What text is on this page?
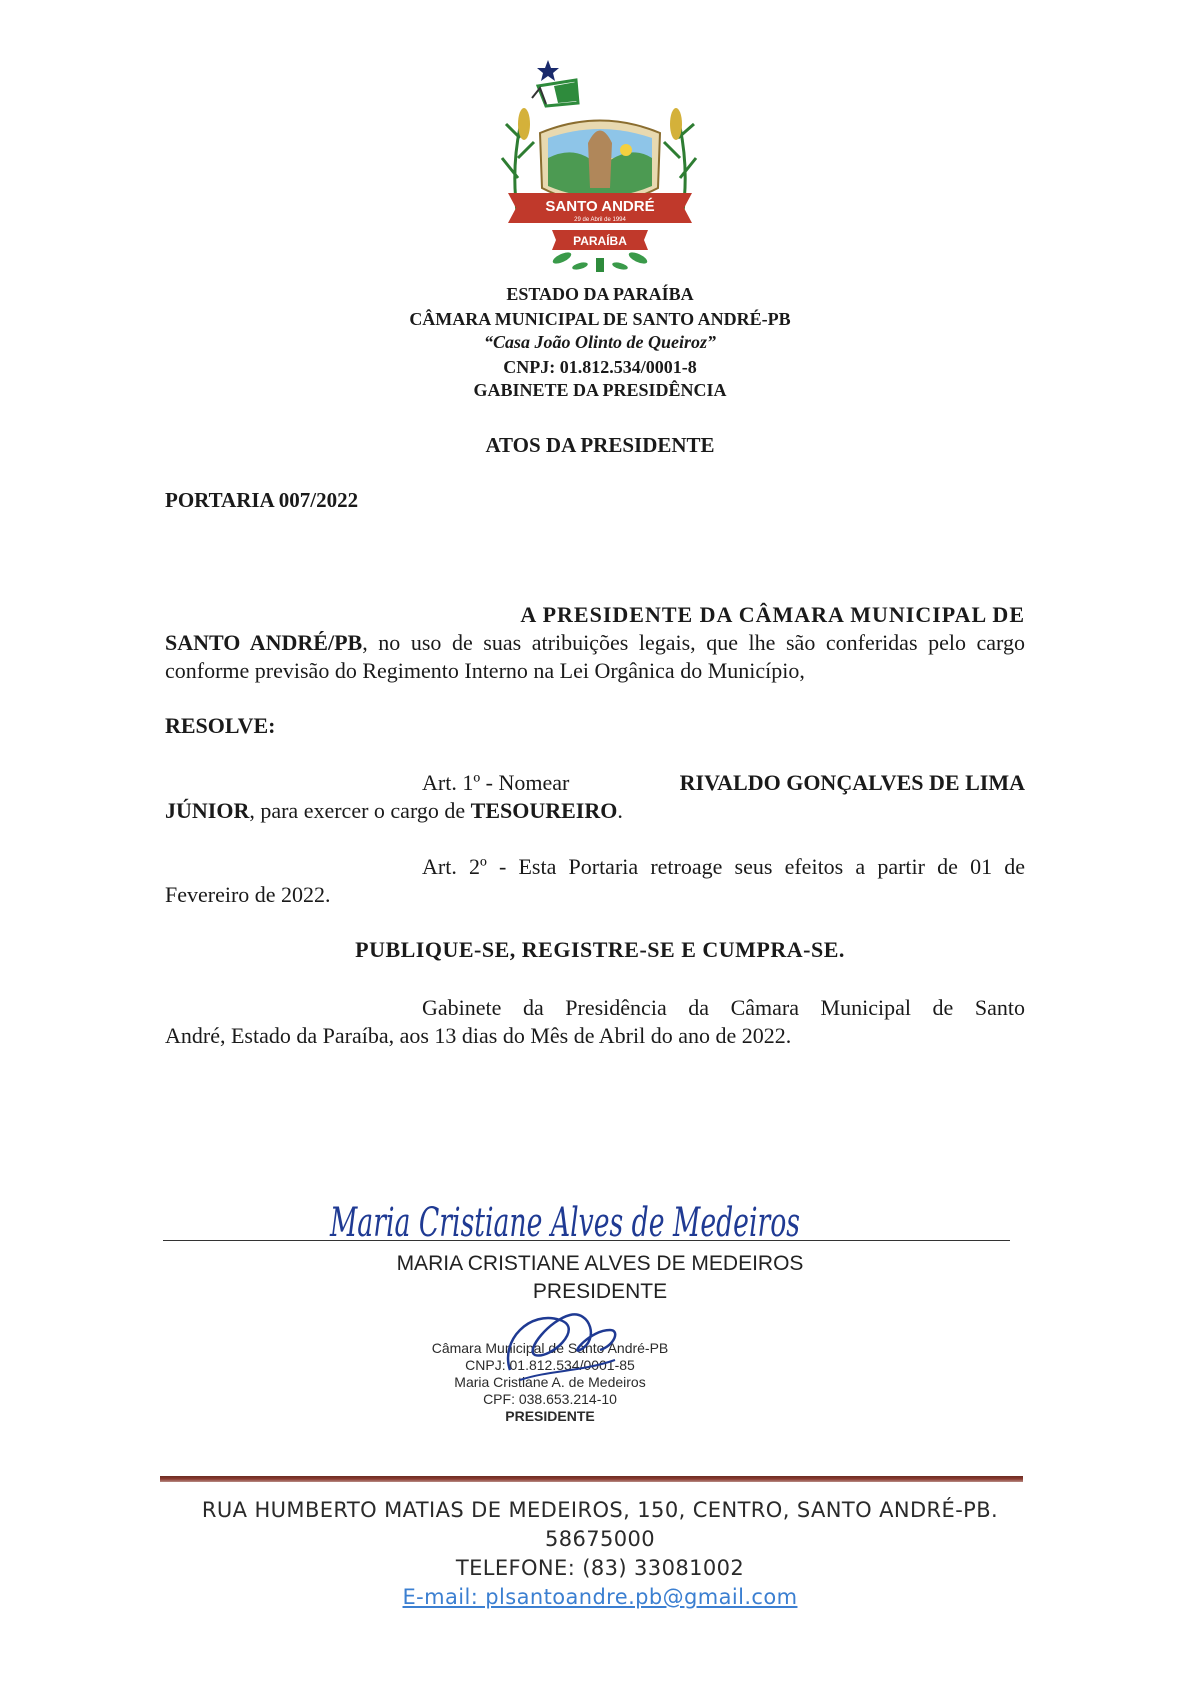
SANTO ANDRÉ
29 de Abril de 1994
PARAÍBA
ESTADO DA PARAÍBA
CÂMARA MUNICIPAL DE SANTO ANDRÉ-PB
“Casa João Olinto de Queiroz”
CNPJ: 01.812.534/0001-8
GABINETE DA PRESIDÊNCIA
ATOS DA PRESIDENTE
PORTARIA 007/2022
A PRESIDENTE DA CÂMARA MUNICIPAL DE
SANTO ANDRÉ/PB, no uso de suas atribuições legais, que lhe são conferidas pelo cargo conforme previsão do Regimento Interno na Lei Orgânica do Município,
RESOLVE:
Art. 1º - Nomear	RIVALDO GONÇALVES DE LIMA
JÚNIOR, para exercer o cargo de TESOUREIRO.
Art. 2º - Esta Portaria retroage seus efeitos a partir de 01 de
Fevereiro de 2022.
PUBLIQUE-SE, REGISTRE-SE E CUMPRA-SE.
Gabinete da Presidência da Câmara Municipal de Santo
André, Estado da Paraíba, aos 13 dias do Mês de Abril do ano de 2022.
Maria Cristiane Alves de Medeiros
MARIA CRISTIANE ALVES DE MEDEIROS
PRESIDENTE
Câmara Municipal de Santo André-PB
CNPJ: 01.812.534/0001-85
Maria Cristiane A. de Medeiros
CPF: 038.653.214-10
PRESIDENTE
RUA HUMBERTO MATIAS DE MEDEIROS, 150, CENTRO, SANTO ANDRÉ-PB.
58675000
TELEFONE: (83) 33081002
E-mail: plsantoandre.pb@gmail.com
